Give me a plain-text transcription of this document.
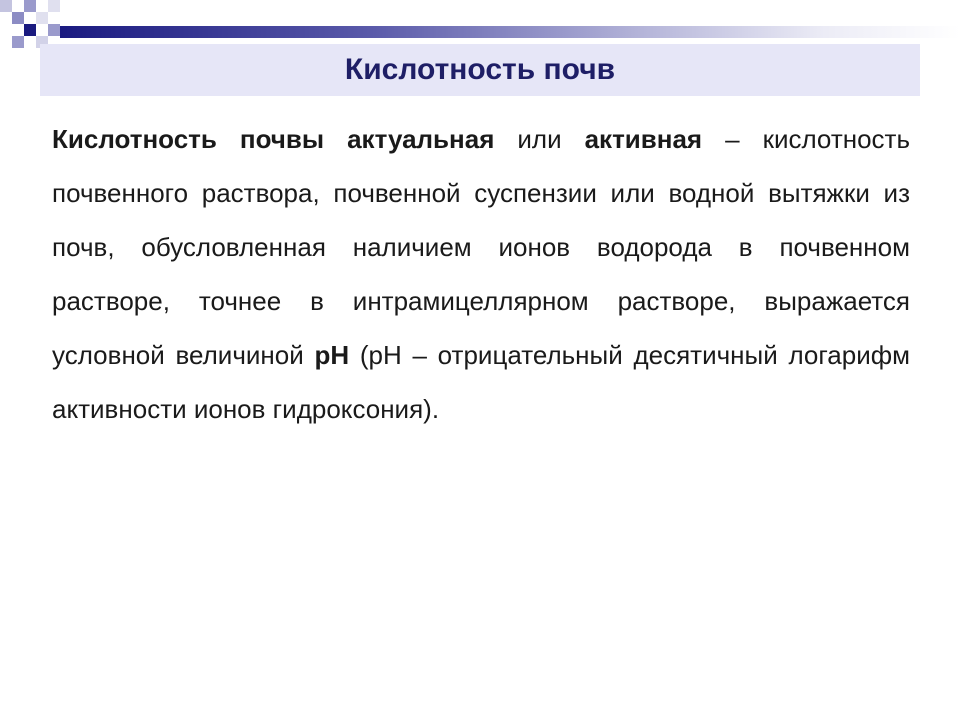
Кислотность почв
Кислотность почвы актуальная или активная – кислотность почвенного раствора, почвенной суспензии или водной вытяжки из почв, обусловленная наличием ионов водорода в почвенном растворе, точнее в интрамицеллярном растворе, выражается условной величиной рН (рН – отрицательный десятичный логарифм активности ионов гидроксония).
